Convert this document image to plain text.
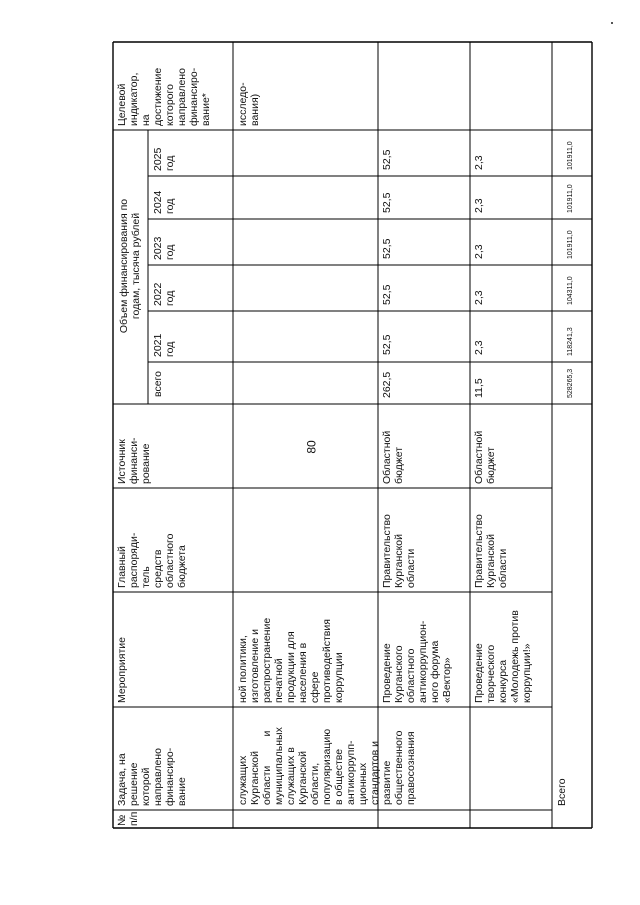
80
№
п/п
Задача, на
решение
которой
направлено
финансиро-
вание
Мероприятие
Главный
распоряди-
тель
средств
областного
бюджета
Источник
финанси-
рование
Объем финансирования по
годам, тысяча рублей
всего
2021
год
2022
год
2023
год
2024
год
2025
год
Целевой
индикатор,
на
достижение
которого
направлено
финансиро-
вание*
служащих
Курганской
области          и
муниципальных
служащих в
Курганской
области,
популяризацию
в обществе
антикоррупп-
ционных
стандартов и
развитие
общественного
правосознания
ной политики,
изготовление и
распространение
печатной
продукции для
населения в
сфере
противодействия
коррупции
исследо-
вания)
Проведение
Курганского
областного
антикоррупцион-
ного форума
«Вектор»
Правительство
Курганской
области
Областной
бюджет
262,5
52,5
52,5
52,5
52,5
52,5
Проведение
творческого
конкурса
«Молодежь против
коррупции!»
Правительство
Курганской
области
Областной
бюджет
11,5
2,3
2,3
2,3
2,3
2,3
Всего
528265,3
118241,3
104311,0
101911,0
101911,0
101911,0
